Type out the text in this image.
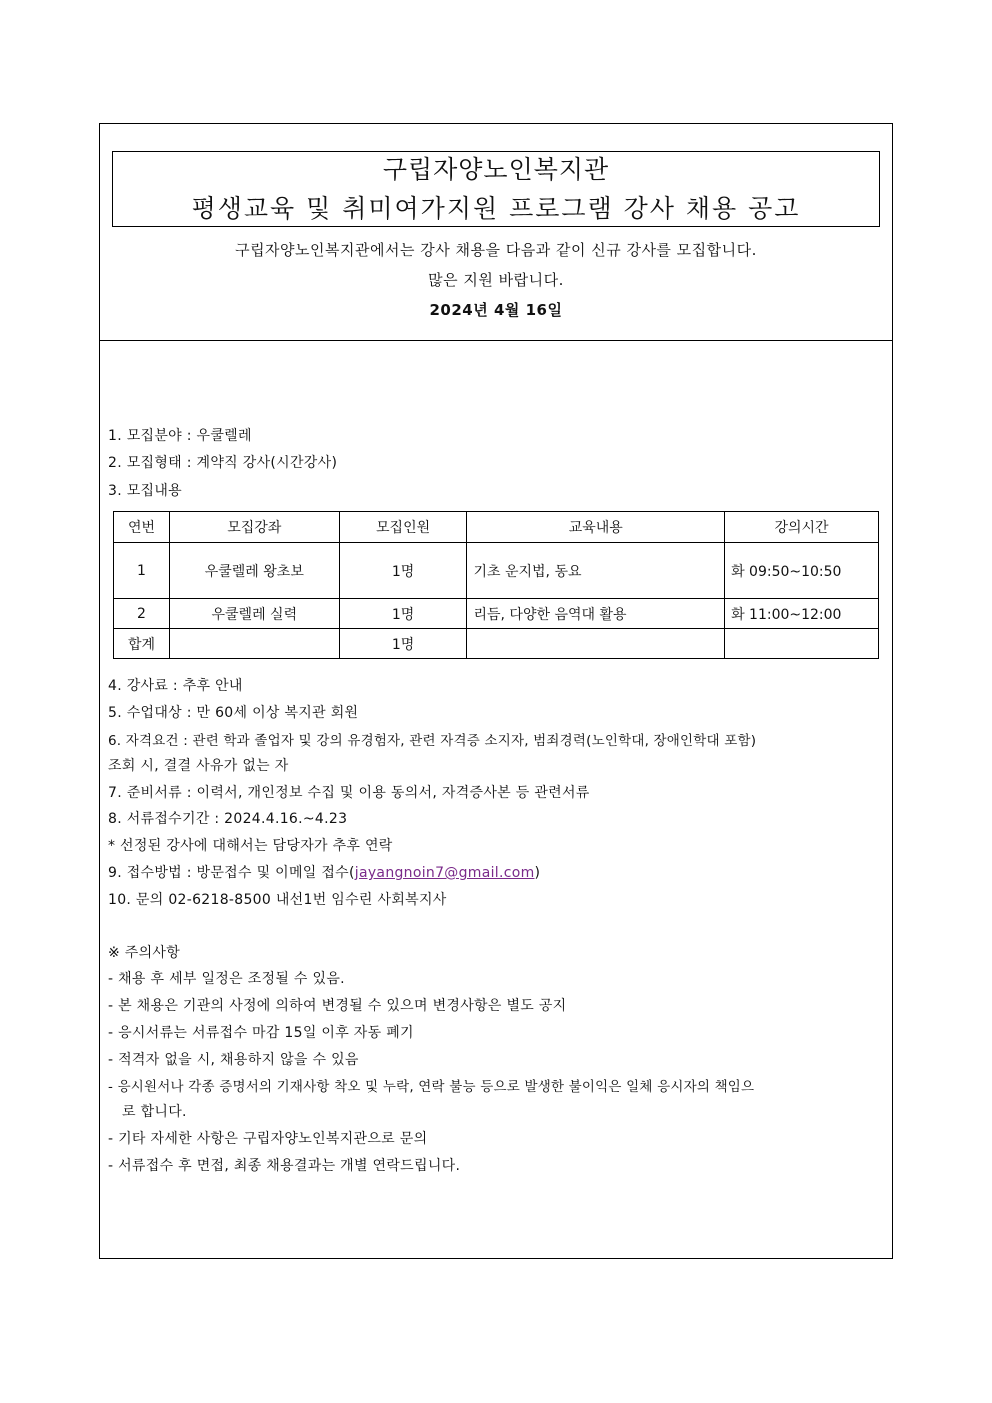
구립자양노인복지관
평생교육 및 취미여가지원 프로그램 강사 채용 공고
구립자양노인복지관에서는 강사 채용을 다음과 같이 신규 강사를 모집합니다.
많은 지원 바랍니다.
2024년 4월 16일
1. 모집분야 : 우쿨렐레
2. 모집형태 : 계약직 강사(시간강사)
3. 모집내용
연번	모집강좌	모집인원	교육내용	강의시간
1	우쿨렐레 왕초보	1명	기초 운지법, 동요	화 09:50~10:50
2	우쿨렐레 실력	1명	리듬, 다양한 음역대 활용	화 11:00~12:00
합계		1명		
4. 강사료 : 추후 안내
5. 수업대상 : 만 60세 이상 복지관 회원
6. 자격요건 : 관련 학과 졸업자 및 강의 유경험자, 관련 자격증 소지자, 범죄경력(노인학대, 장애인학대 포함)
조회 시, 결결 사유가 없는 자
7. 준비서류 : 이력서, 개인정보 수집 및 이용 동의서, 자격증사본 등 관련서류
8. 서류접수기간 : 2024.4.16.~4.23
* 선정된 강사에 대해서는 담당자가 추후 연락
9. 접수방법 : 방문접수 및 이메일 접수(jayangnoin7@gmail.com)
10. 문의 02-6218-8500 내선1번 임수린 사회복지사
※ 주의사항
- 채용 후 세부 일정은 조정될 수 있음.
- 본 채용은 기관의 사정에 의하여 변경될 수 있으며 변경사항은 별도 공지
- 응시서류는 서류접수 마감 15일 이후 자동 폐기
- 적격자 없을 시, 채용하지 않을 수 있음
- 응시원서나 각종 증명서의 기재사항 착오 및 누락, 연락 불능 등으로 발생한 불이익은 일체 응시자의 책임으
로 합니다.
- 기타 자세한 사항은 구립자양노인복지관으로 문의
- 서류접수 후 면접, 최종 채용결과는 개별 연락드립니다.
